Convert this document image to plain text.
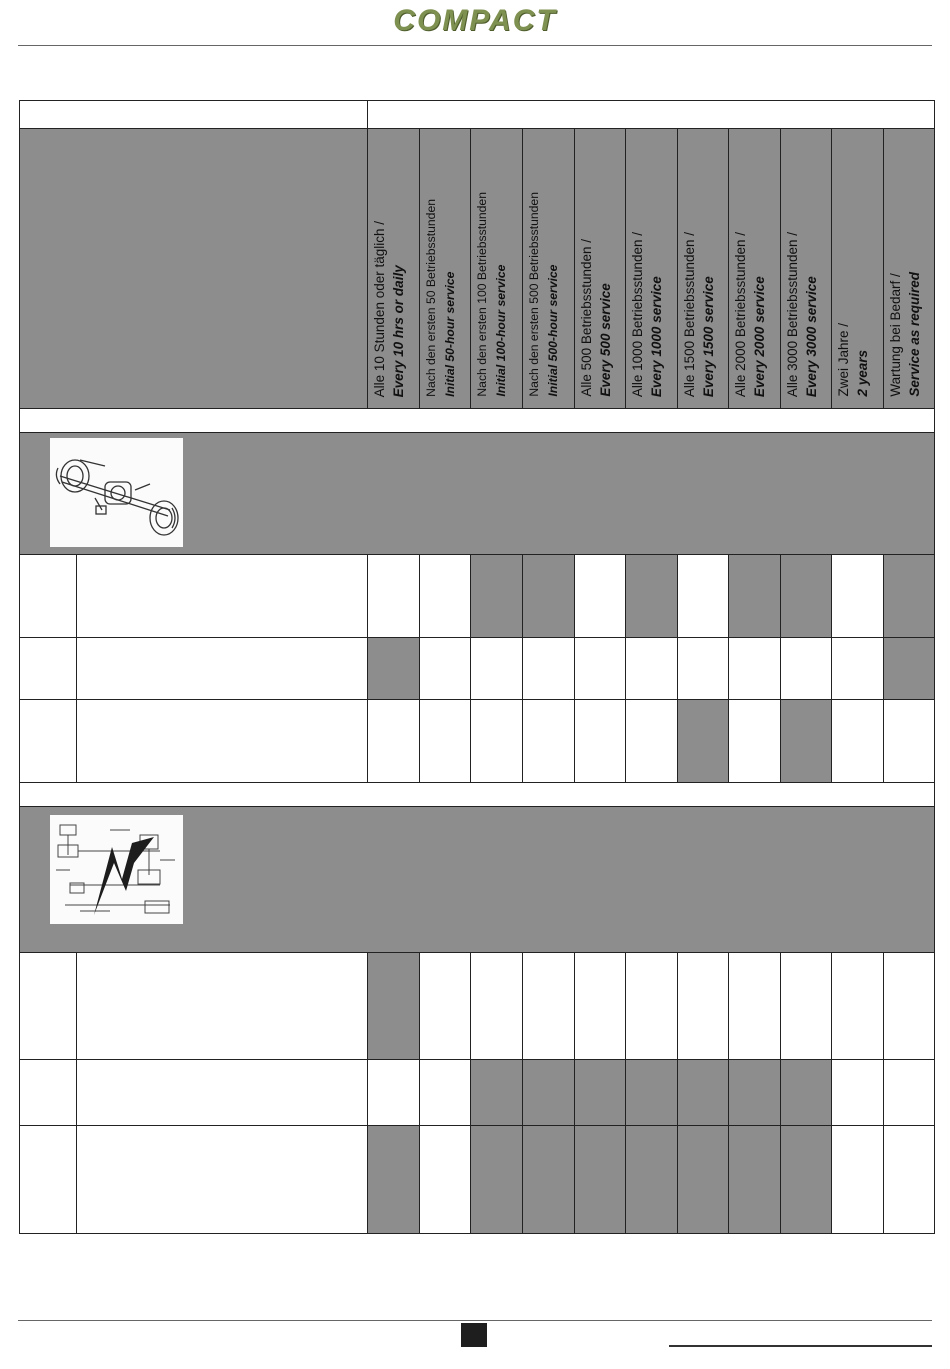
COMPACT

		Alle 10 Stunden oder täglich / Every 10 hrs or daily	Nach den ersten 50 Betriebsstunden Initial 50-hour service	Nach den ersten 100 Betriebsstunden Initial 100-hour service	Nach den ersten 500 Betriebsstunden Initial 500-hour service	Alle 500 Betriebsstunden / Every 500 service	Alle 1000 Betriebsstunden / Every 1000 service	Alle 1500 Betriebsstunden / Every 1500 service	Alle 2000 Betriebsstunden / Every 2000 service	Alle 3000 Betriebsstunden / Every 3000 service	Zwei Jahre / 2 years	Wartung bei Bedarf / Service as required
